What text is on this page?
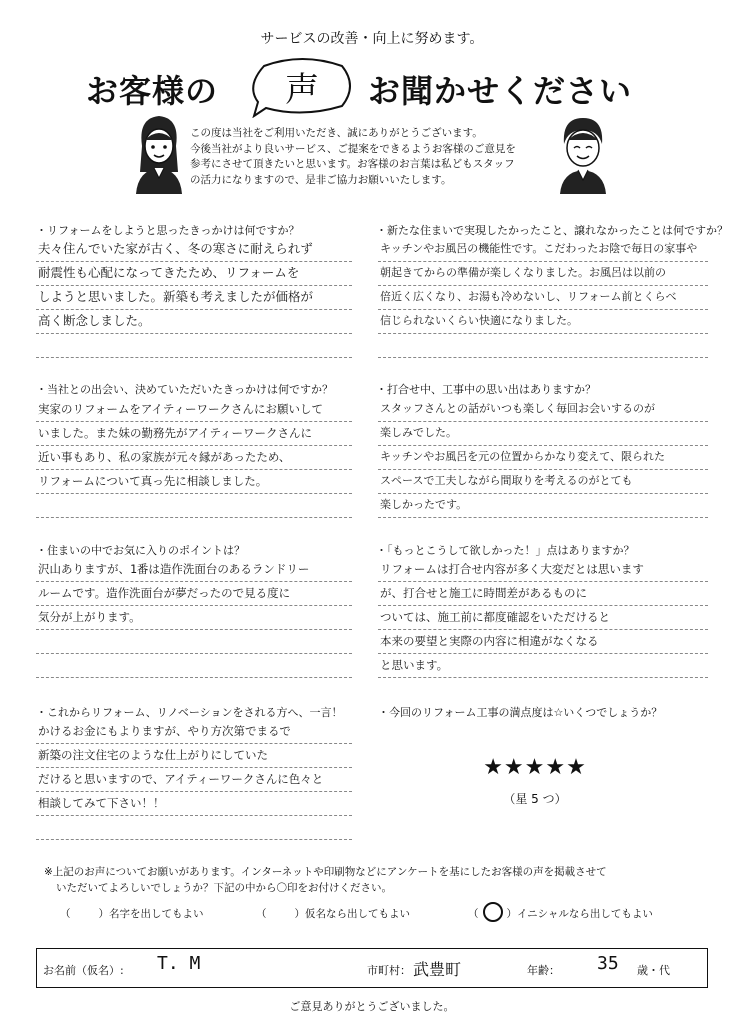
サービスの改善・向上に努めます。
お客様の	声	お聞かせください
この度は当社をご利用いただき、誠にありがとうございます。
今後当社がより良いサービス、ご提案をできるようお客様のご意見を
参考にさせて頂きたいと思います。お客様のお言葉は私どもスタッフ
の活力になりますので、是非ご協力お願いいたします。
・リフォームをしようと思ったきっかけは何ですか？
夫々住んでいた家が古く、冬の寒さに耐えられず
耐震性も心配になってきたため、リフォームを
しようと思いました。新築も考えましたが価格が
高く断念しました。
・新たな住まいで実現したかったこと、譲れなかったことは何ですか？
キッチンやお風呂の機能性です。こだわったお陰で毎日の家事や
朝起きてからの準備が楽しくなりました。お風呂は以前の
倍近く広くなり、お湯も冷めないし、リフォーム前とくらべ
信じられないくらい快適になりました。
・当社との出会い、決めていただいたきっかけは何ですか？
実家のリフォームをアイティーワークさんにお願いして
いました。また妹の勤務先がアイティーワークさんに
近い事もあり、私の家族が元々縁があったため、
リフォームについて真っ先に相談しました。
・打合せ中、工事中の思い出はありますか？
スタッフさんとの話がいつも楽しく毎回お会いするのが
楽しみでした。
キッチンやお風呂を元の位置からかなり変えて、限られた
スペースで工夫しながら間取りを考えるのがとても
楽しかったです。
・住まいの中でお気に入りのポイントは？
沢山ありますが、1番は造作洗面台のあるランドリー
ルームです。造作洗面台が夢だったので見る度に
気分が上がります。
・「もっとこうして欲しかった！」点はありますか？
リフォームは打合せ内容が多く大変だとは思います
が、打合せと施工に時間差があるものに
ついては、施工前に都度確認をいただけると
本来の要望と実際の内容に相違がなくなる
と思います。
・これからリフォーム、リノベーションをされる方へ、一言！
かけるお金にもよりますが、やり方次第でまるで
新築の注文住宅のような仕上がりにしていた
だけると思いますので、アイティーワークさんに色々と
相談してみて下さい！！
・今回のリフォーム工事の満点度は☆いくつでしょうか？
★★★★★
（星 5 つ）
※上記のお声についてお願いがあります。インターネットや印刷物などにアンケートを基にしたお客様の声を掲載させて
いただいてよろしいでしょうか？下記の中から〇印をお付けください。
（	）名字を出してもよい	（	）仮名なら出してもよい	（	）イニシャルなら出してもよい
お名前（仮名）: T. M	市町村： 武豊町	年齢： 35 歳・代
ご意見ありがとうございました。
